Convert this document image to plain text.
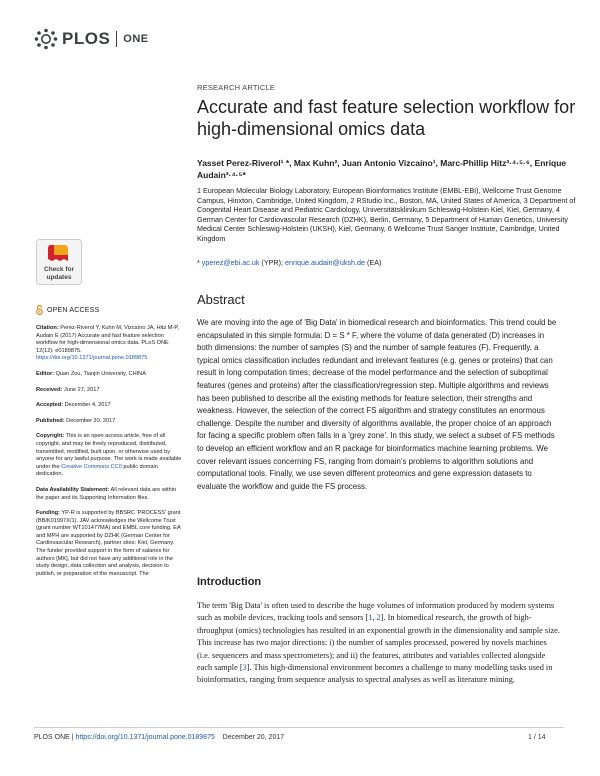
PLOS ONE
RESEARCH ARTICLE
Accurate and fast feature selection workflow for high-dimensional omics data
Yasset Perez-Riverol¹ *, Max Kuhn², Juan Antonio Vizcaíno¹, Marc-Phillip Hitz³·⁴·⁵·⁶, Enrique Audain³·⁴·⁵*
1 European Molecular Biology Laboratory, European Bioinformatics Institute (EMBL-EBI), Wellcome Trust Genome Campus, Hinxton, Cambridge, United Kingdom, 2 RStudio Inc., Boston, MA, United States of America, 3 Department of Congenital Heart Disease and Pediatric Cardiology, Universitätsklinikum Schleswig-Holstein Kiel, Kiel, Germany, 4 German Center for Cardiovascular Research (DZHK), Berlin, Germany, 5 Department of Human Genetics, University Medical Center Schleswig-Holstein (UKSH), Kiel, Germany, 6 Wellcome Trust Sanger Institute, Cambridge, United Kingdom
* yperez@ebi.ac.uk (YPR); enrique.audain@uksh.de (EA)
Check for
updates
OPEN ACCESS

Citation: Perez-Riverol Y, Kuhn M, Vizcaíno JA, Hitz M-P, Audain E (2017) Accurate and fast feature selection workflow for high-dimensional omics data. PLoS ONE 12(12): e0189875. https://doi.org/10.1371/journal.pone.0189875

Editor: Quan Zou, Tianjin University, CHINA

Received: June 27, 2017

Accepted: December 4, 2017

Published: December 20, 2017

Copyright: This is an open access article, free of all copyright, and may be freely reproduced, distributed, transmitted, modified, built upon, or otherwise used by anyone for any lawful purpose. The work is made available under the Creative Commons CC0 public domain dedication.

Data Availability Statement: All relevant data are within the paper and its Supporting Information files.

Funding: YP-R is supported by BBSRC 'PROCESS' grant (BB/K01997X/1). JAV acknowledges the Wellcome Trust (grant number WT101477MA) and EMBL core funding. EA and MPH are supported by DZHK (German Center for Cardiovascular Research), partner sites: Kiel, Germany. The funder provided support in the form of salaries for authors [MK], but did not have any additional role in the study design, data collection and analysis, decision to publish, or preparation of the manuscript. The

Abstract
We are moving into the age of 'Big Data' in biomedical research and bioinformatics. This trend could be encapsulated in this simple formula: D = S * F, where the volume of data generated (D) increases in both dimensions: the number of samples (S) and the number of sample features (F). Frequently, a typical omics classification includes redundant and irrelevant features (e.g. genes or proteins) that can result in long computation times; decrease of the model performance and the selection of suboptimal features (genes and proteins) after the classification/regression step. Multiple algorithms and reviews has been published to describe all the existing methods for feature selection, their strengths and weakness. However, the selection of the correct FS algorithm and strategy constitutes an enormous challenge. Despite the number and diversity of algorithms available, the proper choice of an approach for facing a specific problem often falls in a 'grey zone'. In this study, we select a subset of FS methods to develop an efficient workflow and an R package for bioinformatics machine learning problems. We cover relevant issues concerning FS, ranging from domain's problems to algorithm solutions and computational tools. Finally, we use seven different proteomics and gene expression datasets to evaluate the workflow and guide the FS process.
Introduction
The term 'Big Data' is often used to describe the huge volumes of information produced by modern systems such as mobile devices, tracking tools and sensors [1, 2]. In biomedical research, the growth of high-throughput (omics) technologies has resulted in an exponential growth in the dimensionality and sample size. This increase has two major directions: i) the number of samples processed, powered by novels machines (i.e. sequencers and mass spectrometers); and ii) the features, attributes and variables collected alongside each sample [3]. This high-dimensional environment becomes a challenge to many modelling tasks used in bioinformatics, ranging from sequence analysis to spectral analyses as well as literature mining.
PLOS ONE | https://doi.org/10.1371/journal.pone.0189875 December 20, 2017	1 / 14
